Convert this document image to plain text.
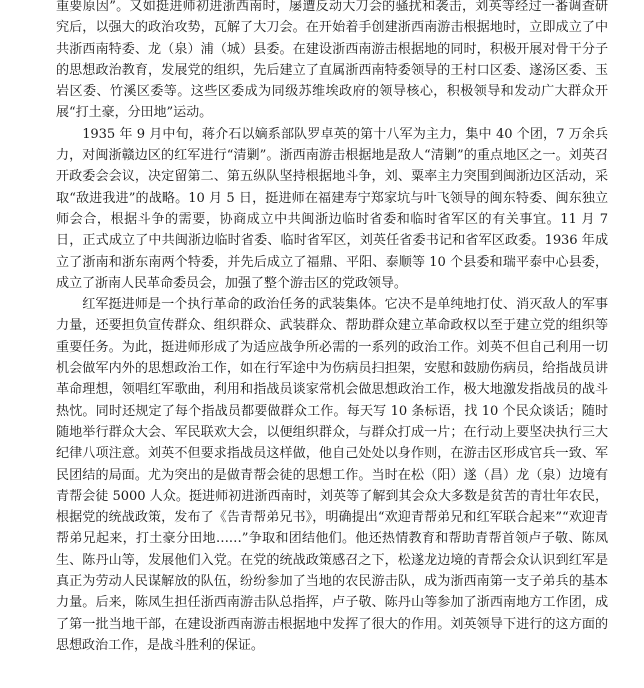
重要原因”。又如挺进师初进浙西南时，屡遭反动大刀会的骚扰和袭击，刘英等经过一番调查研究后，以强大的政治攻势，瓦解了大刀会。在开始着手创建浙西南游击根据地时，立即成立了中共浙西南特委、龙（泉）浦（城）县委。在建设浙西南游击根据地的同时，积极开展对骨干分子的思想政治教育，发展党的组织，先后建立了直属浙西南特委领导的王村口区委、遂汤区委、玉岩区委、竹溪区委等。这些区委成为同级苏维埃政府的领导核心，积极领导和发动广大群众开展“打土豪，分田地”运动。

1935 年 9 月中旬，蒋介石以嫡系部队罗卓英的第十八军为主力，集中 40 个团，7 万余兵力，对闽浙赣边区的红军进行“清剿”。浙西南游击根据地是敌人“清剿”的重点地区之一。刘英召开政委会会议，决定留第二、第五纵队坚持根据地斗争，刘、粟率主力突围到闽浙边区活动，采取“敌进我进”的战略。10 月 5 日，挺进师在福建寿宁郑家坑与叶飞领导的闽东特委、闽东独立师会合，根据斗争的需要，协商成立中共闽浙边临时省委和临时省军区的有关事宜。11 月 7 日，正式成立了中共闽浙边临时省委、临时省军区，刘英任省委书记和省军区政委。1936 年成立了浙南和浙东南两个特委，并先后成立了福鼎、平阳、泰顺等 10 个县委和瑞平泰中心县委，成立了浙南人民革命委员会，加强了整个游击区的党政领导。

红军挺进师是一个执行革命的政治任务的武装集体。它决不是单纯地打仗、消灭敌人的军事力量，还要担负宣传群众、组织群众、武装群众、帮助群众建立革命政权以至于建立党的组织等重要任务。为此，挺进师形成了为适应战争所必需的一系列的政治工作。刘英不但自己利用一切机会做军内外的思想政治工作，如在行军途中为伤病员扫担架，安慰和鼓励伤病员，给指战员讲革命理想，领唱红军歌曲，利用和指战员谈家常机会做思想政治工作，极大地激发指战员的战斗热忱。同时还规定了每个指战员都要做群众工作。每天写 10 条标语，找 10 个民众谈话；随时随地举行群众大会、军民联欢大会，以便组织群众，与群众打成一片；在行动上要坚决执行三大纪律八项注意。刘英不但要求指战员这样做，他自己处处以身作则，在游击区形成官兵一致、军民团结的局面。尤为突出的是做青帮会徒的思想工作。当时在松（阳）遂（昌）龙（泉）边境有青帮会徒 5000 人众。挺进师初进浙西南时，刘英等了解到其会众大多数是贫苦的青壮年农民，根据党的统战政策，发布了《告青帮弟兄书》，明确提出“欢迎青帮弟兄和红军联合起来”“欢迎青帮弟兄起来，打土豪分田地……”争取和团结他们。他还热情教育和帮助青帮首领卢子敬、陈凤生、陈丹山等，发展他们入党。在党的统战政策感召之下，松遂龙边境的青帮会众认识到红军是真正为劳动人民谋解放的队伍，纷纷参加了当地的农民游击队，成为浙西南第一支子弟兵的基本力量。后来，陈凤生担任浙西南游击队总指挥，卢子敬、陈丹山等参加了浙西南地方工作团，成了第一批当地干部，在建设浙西南游击根据地中发挥了很大的作用。刘英领导下进行的这方面的思想政治工作，是战斗胜利的保证。
